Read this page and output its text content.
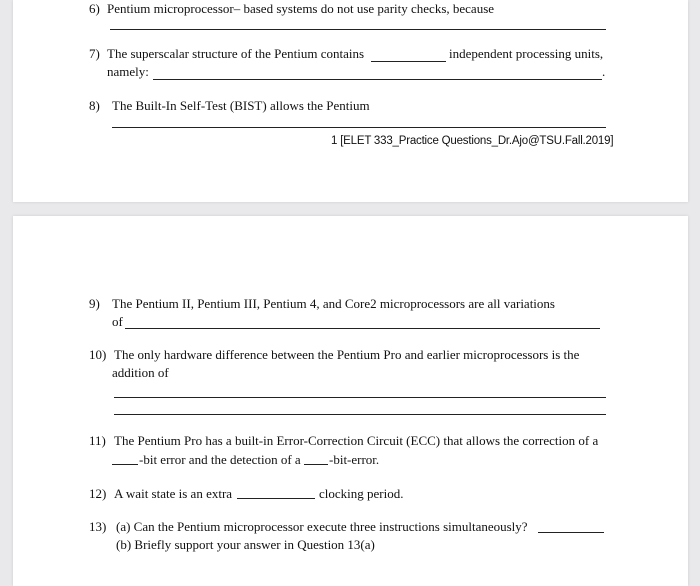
6) Pentium microprocessor– based systems do not use parity checks, because
7) The superscalar structure of the Pentium contains	independent processing units,
namely:	.
8) The Built-In Self-Test (BIST) allows the Pentium
1 [ELET 333_Practice Questions_Dr.Ajo@TSU.Fall.2019]
9) The Pentium II, Pentium III, Pentium 4, and Core2 microprocessors are all variations
of
10) The only hardware difference between the Pentium Pro and earlier microprocessors is the
addition of
11) The Pentium Pro has a built-in Error-Correction Circuit (ECC) that allows the correction of a
-bit error and the detection of a -bit-error.
12) A wait state is an extra	clocking period.
13) (a) Can the Pentium microprocessor execute three instructions simultaneously?
(b) Briefly support your answer in Question 13(a)
